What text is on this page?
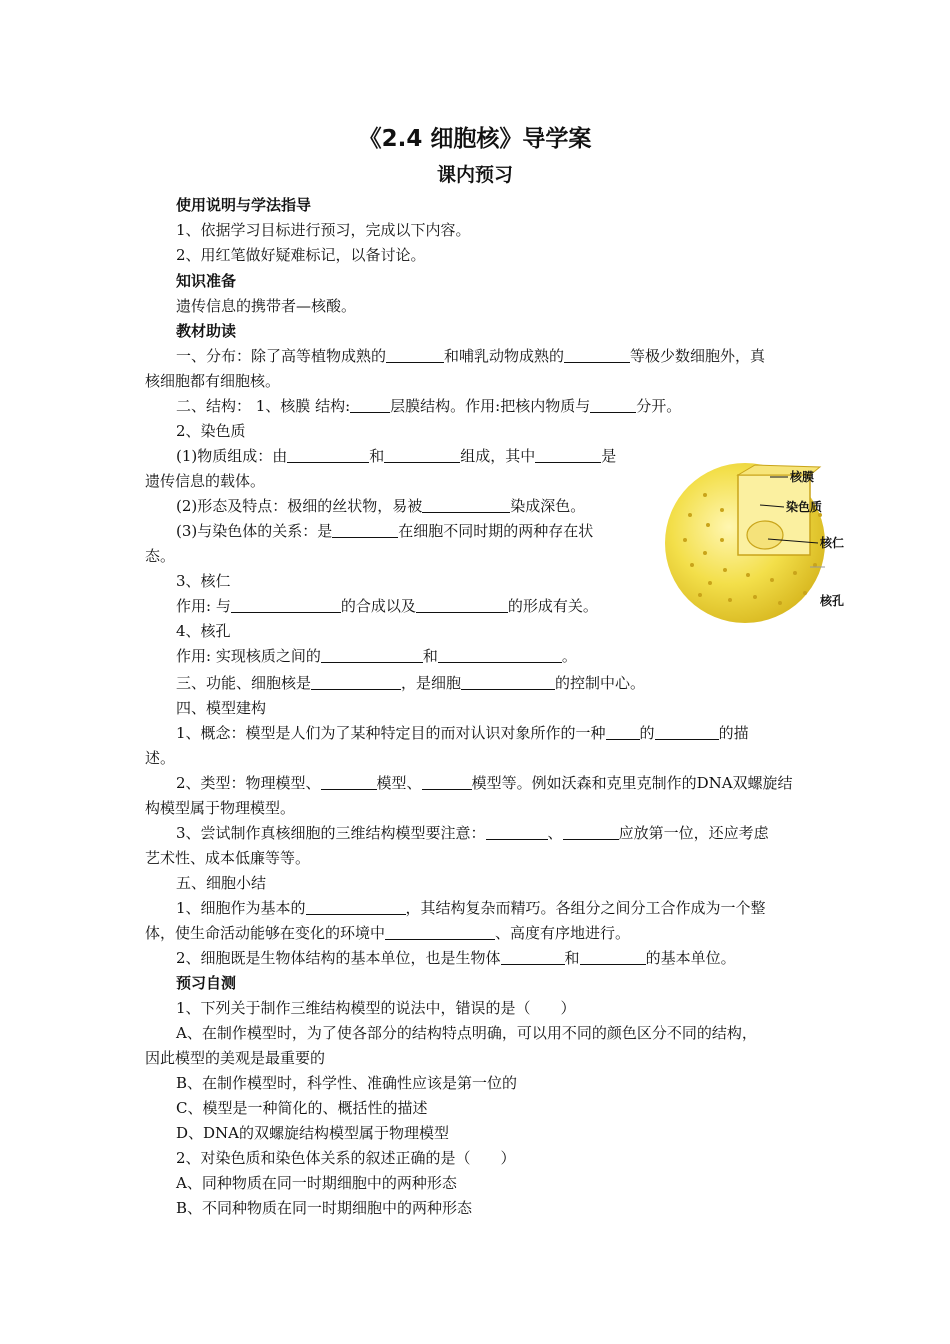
《2.4 细胞核》导学案
课内预习
使用说明与学法指导
1、依据学习目标进行预习，完成以下内容。
2、用红笔做好疑难标记，以备讨论。
知识准备
遗传信息的携带者—核酸。
教材助读
一、分布：除了高等植物成熟的	和哺乳动物成熟的	等极少数细胞外，真
核细胞都有细胞核。
二、结构： 1、核膜 结构:	层膜结构。作用:把核内物质与	分开。
2、染色质
(1)物质组成：由	和	组成，其中	是
遗传信息的载体。
(2)形态及特点：极细的丝状物，易被	染成深色。
(3)与染色体的关系：是	在细胞不同时期的两种存在状
态。
3、核仁
作用: 与	的合成以及	的形成有关。
4、核孔
作用: 实现核质之间的	和	。
三、功能、细胞核是	，是细胞	的控制中心。
四、模型建构
1、概念：模型是人们为了某种特定目的而对认识对象所作的一种 的	的描
述。
2、类型：物理模型、	模型、	模型等。例如沃森和克里克制作的DNA双螺旋结
构模型属于物理模型。
3、尝试制作真核细胞的三维结构模型要注意：	、	应放第一位，还应考虑
艺术性、成本低廉等等。
五、细胞小结
1、细胞作为基本的	，其结构复杂而精巧。各组分之间分工合作成为一个整
体，使生命活动能够在变化的环境中	、高度有序地进行。
2、细胞既是生物体结构的基本单位，也是生物体	和	的基本单位。
预习自测
1、下列关于制作三维结构模型的说法中，错误的是（　　）
A、在制作模型时，为了使各部分的结构特点明确，可以用不同的颜色区分不同的结构，
因此模型的美观是最重要的
B、在制作模型时，科学性、准确性应该是第一位的
C、模型是一种简化的、概括性的描述
D、DNA的双螺旋结构模型属于物理模型
2、对染色质和染色体关系的叙述正确的是（　　）
A、同种物质在同一时期细胞中的两种形态
B、不同种物质在同一时期细胞中的两种形态
核膜
染色质
核仁
核孔
